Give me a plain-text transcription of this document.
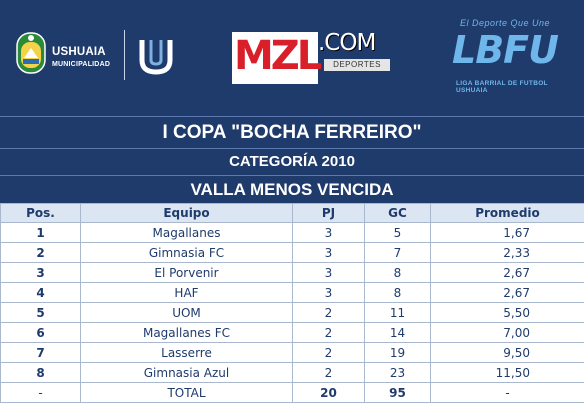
USHUAIA
MUNICIPALIDAD	MZL
.COM
DEPORTES
El Deporte Que Une
LBFU
LIGA BARRIAL DE FUTBOL USHUAIA
I COPA "BOCHA FERREIRO"
CATEGORÍA 2010
VALLA MENOS VENCIDA
Pos.	Equipo	PJ	GC	Promedio
1	Magallanes	3	5	1,67
2	Gimnasia FC	3	7	2,33
3	El Porvenir	3	8	2,67
4	HAF	3	8	2,67
5	UOM	2	11	5,50
6	Magallanes FC	2	14	7,00
7	Lasserre	2	19	9,50
8	Gimnasia Azul	2	23	11,50
-	TOTAL	20	95	-
